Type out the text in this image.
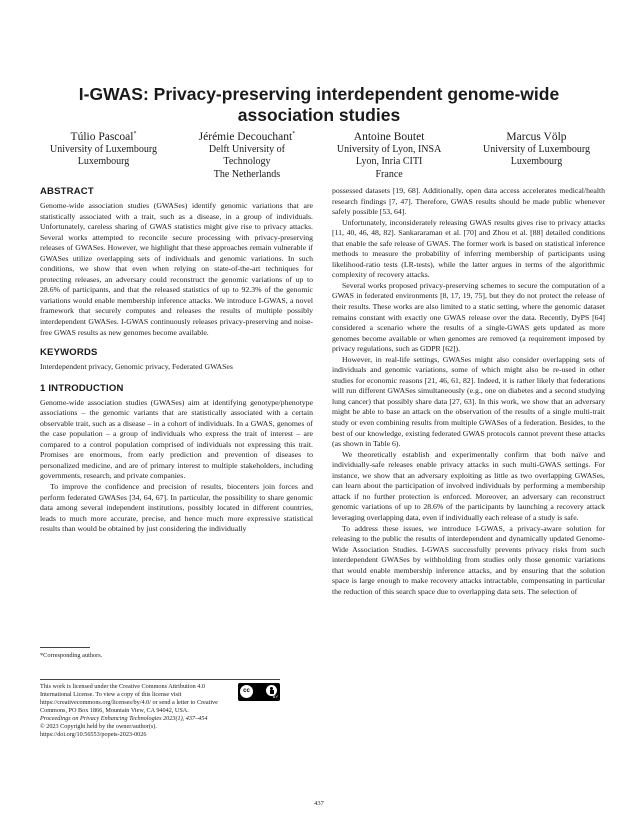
I-GWAS: Privacy-preserving interdependent genome-wide association studies
Túlio Pascoal*
University of Luxembourg
Luxembourg
Jérémie Decouchant*
Delft University of
Technology
The Netherlands
Antoine Boutet
University of Lyon, INSA
Lyon, Inria CITI
France
Marcus Völp
University of Luxembourg
Luxembourg
ABSTRACT

Genome-wide association studies (GWASes) identify genomic variations that are statistically associated with a trait, such as a disease, in a group of individuals. Unfortunately, careless sharing of GWAS statistics might give rise to privacy attacks. Several works attempted to reconcile secure processing with privacy-preserving releases of GWASes. However, we highlight that these approaches remain vulnerable if GWASes utilize overlapping sets of individuals and genomic variations. In such conditions, we show that even when relying on state-of-the-art techniques for protecting releases, an adversary could reconstruct the genomic variations of up to 28.6% of participants, and that the released statistics of up to 92.3% of the genomic variations would enable membership inference attacks. We introduce I-GWAS, a novel framework that securely computes and releases the results of multiple possibly interdependent GWASes. I-GWAS continuously releases privacy-preserving and noise-free GWAS results as new genomes become available.

KEYWORDS

Interdependent privacy, Genomic privacy, Federated GWASes

1 INTRODUCTION

Genome-wide association studies (GWASes) aim at identifying genotype/phenotype associations – the genomic variants that are statistically associated with a certain observable trait, such as a disease – in a cohort of individuals. In a GWAS, genomes of the case population – a group of individuals who express the trait of interest – are compared to a control population comprised of individuals not expressing this trait. Promises are enormous, from early prediction and prevention of diseases to personalized medicine, and are of primary interest to multiple stakeholders, including governments, research, and private companies.

To improve the confidence and precision of results, biocenters join forces and perform federated GWASes [34, 64, 67]. In particular, the possibility to share genomic data among several independent institutions, possibly located in different countries, leads to much more accurate, precise, and hence much more expressive statistical results than would be obtained by just considering the individually

*Corresponding authors.
This work is licensed under the Creative Commons Attribution 4.0 International License. To view a copy of this license visit https://creativecommons.org/licenses/by/4.0/ or send a letter to Creative Commons, PO Box 1866, Mountain View, CA 94042, USA.
Proceedings on Privacy Enhancing Technologies 2023(1), 437–454
© 2023 Copyright held by the owner/author(s).
https://doi.org/10.56553/popets-2023-0026
cc
BY

possessed datasets [19, 68]. Additionally, open data access accelerates medical/health research findings [7, 47]. Therefore, GWAS results should be made public whenever safely possible [53, 64].

Unfortunately, inconsiderately releasing GWAS results gives rise to privacy attacks [11, 40, 46, 48, 82]. Sankararaman et al. [70] and Zhou et al. [88] detailed conditions that enable the safe release of GWAS. The former work is based on statistical inference methods to measure the probability of inferring membership of participants using likelihood-ratio tests (LR-tests), while the latter argues in terms of the algorithmic complexity of recovery attacks.

Several works proposed privacy-preserving schemes to secure the computation of a GWAS in federated environments [8, 17, 19, 75], but they do not protect the release of their results. These works are also limited to a static setting, where the genomic dataset remains constant with exactly one GWAS release over the data. Recently, DyPS [64] considered a scenario where the results of a single-GWAS gets updated as more genomes become available or when genomes are removed (a requirement imposed by privacy regulations, such as GDPR [62]).

However, in real-life settings, GWASes might also consider overlapping sets of individuals and genomic variations, some of which might also be re-used in other studies for economic reasons [21, 46, 61, 82]. Indeed, it is rather likely that federations will run different GWASes simultaneously (e.g., one on diabetes and a second studying lung cancer) that possibly share data [27, 63]. In this work, we show that an adversary might be able to base an attack on the observation of the results of a single multi-trait study or even combining results from multiple GWASes of a federation. Besides, to the best of our knowledge, existing federated GWAS protocols cannot prevent these attacks (as shown in Table 6).

We theoretically establish and experimentally confirm that both naïve and individually-safe releases enable privacy attacks in such multi-GWAS settings. For instance, we show that an adversary exploiting as little as two overlapping GWASes, can learn about the participation of involved individuals by performing a membership attack if no further protection is enforced. Moreover, an adversary can reconstruct genomic variations of up to 28.6% of the participants by launching a recovery attack leveraging overlapping data, even if individually each release of a study is safe.

To address these issues, we introduce I-GWAS, a privacy-aware solution for releasing to the public the results of interdependent and dynamically updated Genome-Wide Association Studies. I-GWAS successfully prevents privacy risks from such interdependent GWASes by withholding from studies only those genomic variations that would enable membership inference attacks, and by ensuring that the solution space is large enough to make recovery attacks intractable, compensating in particular the reduction of this search space due to overlapping data sets. The selection of

437
